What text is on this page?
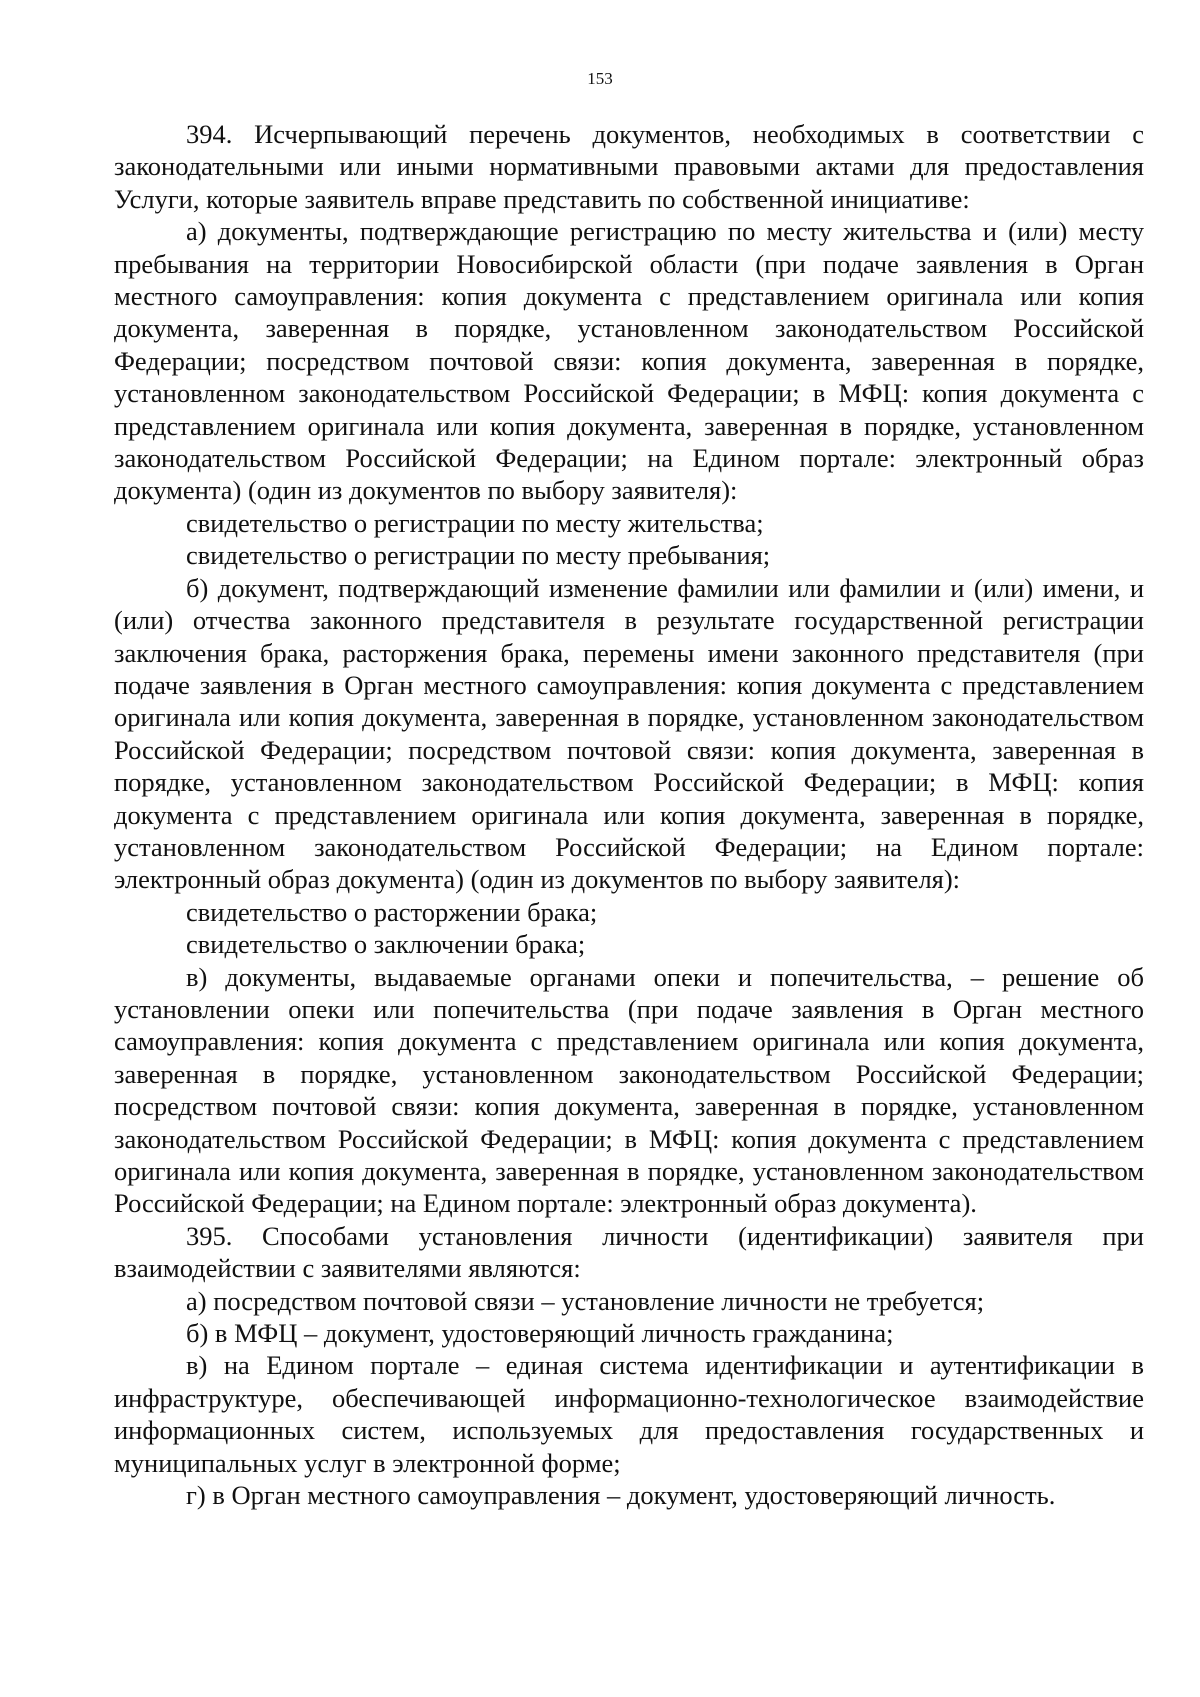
153

394. Исчерпывающий перечень документов, необходимых в соответствии с законодательными или иными нормативными правовыми актами для предоставления Услуги, которые заявитель вправе представить по собственной инициативе:

а) документы, подтверждающие регистрацию по месту жительства и (или) месту пребывания на территории Новосибирской области (при подаче заявления в Орган местного самоуправления: копия документа с представлением оригинала или копия документа, заверенная в порядке, установленном законодательством Российской Федерации; посредством почтовой связи: копия документа, заверенная в порядке, установленном законодательством Российской Федерации; в МФЦ: копия документа с представлением оригинала или копия документа, заверенная в порядке, установленном законодательством Российской Федерации; на Едином портале: электронный образ документа) (один из документов по выбору заявителя):

свидетельство о регистрации по месту жительства;

свидетельство о регистрации по месту пребывания;

б) документ, подтверждающий изменение фамилии или фамилии и (или) имени, и (или) отчества законного представителя в результате государственной регистрации заключения брака, расторжения брака, перемены имени законного представителя (при подаче заявления в Орган местного самоуправления: копия документа с представлением оригинала или копия документа, заверенная в порядке, установленном законодательством Российской Федерации; посредством почтовой связи: копия документа, заверенная в порядке, установленном законодательством Российской Федерации; в МФЦ: копия документа с представлением оригинала или копия документа, заверенная в порядке, установленном законодательством Российской Федерации; на Едином портале: электронный образ документа) (один из документов по выбору заявителя):

свидетельство о расторжении брака;

свидетельство о заключении брака;

в) документы, выдаваемые органами опеки и попечительства, – решение об установлении опеки или попечительства (при подаче заявления в Орган местного самоуправления: копия документа с представлением оригинала или копия документа, заверенная в порядке, установленном законодательством Российской Федерации; посредством почтовой связи: копия документа, заверенная в порядке, установленном законодательством Российской Федерации; в МФЦ: копия документа с представлением оригинала или копия документа, заверенная в порядке, установленном законодательством Российской Федерации; на Едином портале: электронный образ документа).

395. Способами установления личности (идентификации) заявителя при взаимодействии с заявителями являются:

а) посредством почтовой связи – установление личности не требуется;

б) в МФЦ – документ, удостоверяющий личность гражданина;

в) на Едином портале – единая система идентификации и аутентификации в инфраструктуре, обеспечивающей информационно-технологическое взаимодействие информационных систем, используемых для предоставления государственных и муниципальных услуг в электронной форме;

г) в Орган местного самоуправления – документ, удостоверяющий личность.
